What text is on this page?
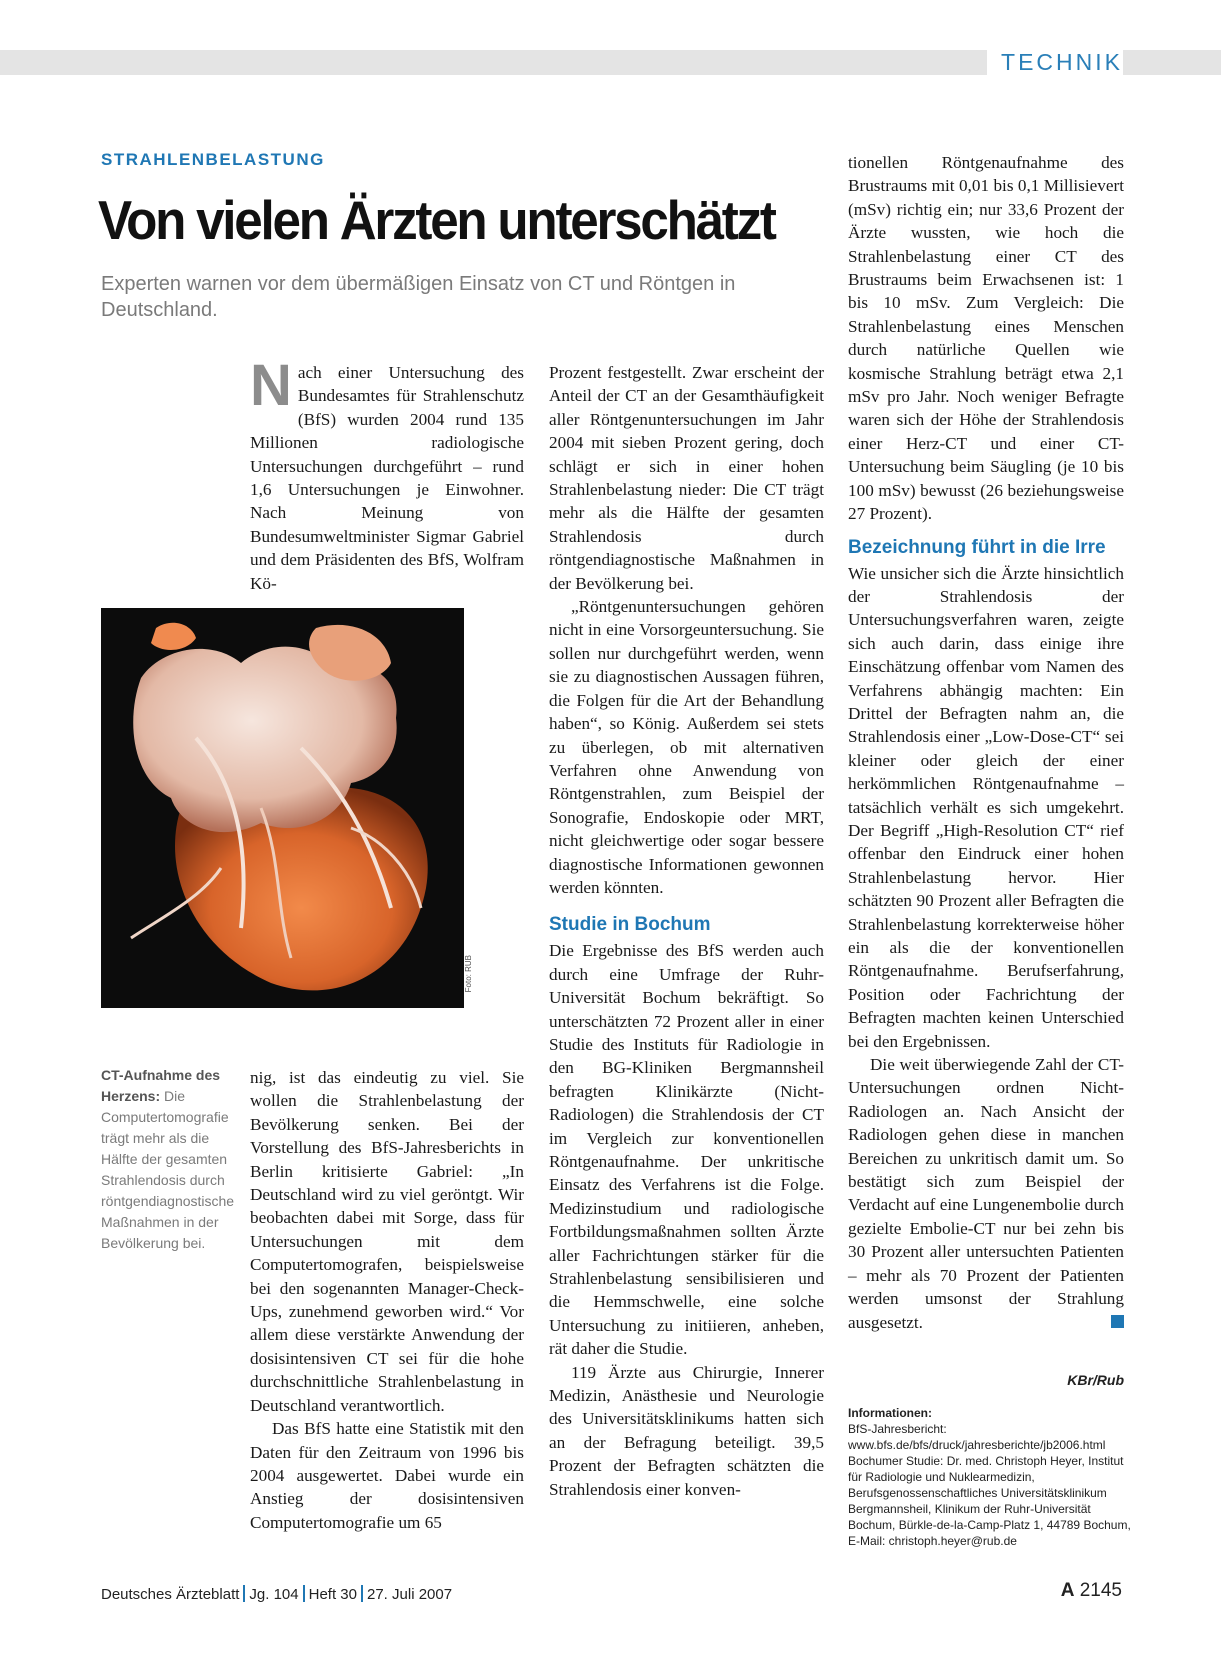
TECHNIK
STRAHLENBELASTUNG
Von vielen Ärzten unterschätzt
Experten warnen vor dem übermäßigen Einsatz von CT und Röntgen in Deutschland.

Nach einer Untersuchung des Bundesamtes für Strahlenschutz (BfS) wurden 2004 rund 135 Millionen radiologische Untersuchungen durchgeführt – rund 1,6 Untersuchungen je Einwohner. Nach Meinung von Bundesumweltminister Sigmar Gabriel und dem Präsidenten des BfS, Wolfram Kö-

Foto: RUB
CT-Aufnahme des Herzens: Die Computertomografie trägt mehr als die Hälfte der gesamten Strahlendosis durch röntgendiagnostische Maßnahmen in der Bevölkerung bei.

nig, ist das eindeutig zu viel. Sie wollen die Strahlenbelastung der Bevölkerung senken. Bei der Vorstellung des BfS-Jahresberichts in Berlin kritisierte Gabriel: „In Deutschland wird zu viel geröntgt. Wir beobachten dabei mit Sorge, dass für Untersuchungen mit dem Computertomografen, beispielsweise bei den sogenannten Manager-Check-Ups, zunehmend geworben wird.“ Vor allem diese verstärkte Anwendung der dosisintensiven CT sei für die hohe durchschnittliche Strahlenbelastung in Deutschland verantwortlich.

Das BfS hatte eine Statistik mit den Daten für den Zeitraum von 1996 bis 2004 ausgewertet. Dabei wurde ein Anstieg der dosisintensiven Computertomografie um 65

Prozent festgestellt. Zwar erscheint der Anteil der CT an der Gesamthäufigkeit aller Röntgenuntersuchungen im Jahr 2004 mit sieben Prozent gering, doch schlägt er sich in einer hohen Strahlenbelastung nieder: Die CT trägt mehr als die Hälfte der gesamten Strahlendosis durch röntgendiagnostische Maßnahmen in der Bevölkerung bei.

„Röntgenuntersuchungen gehören nicht in eine Vorsorgeuntersuchung. Sie sollen nur durchgeführt werden, wenn sie zu diagnostischen Aussagen führen, die Folgen für die Art der Behandlung haben“, so König. Außerdem sei stets zu überlegen, ob mit alternativen Verfahren ohne Anwendung von Röntgenstrahlen, zum Beispiel der Sonografie, Endoskopie oder MRT, nicht gleichwertige oder sogar bessere diagnostische Informationen gewonnen werden könnten.

Studie in Bochum

Die Ergebnisse des BfS werden auch durch eine Umfrage der Ruhr-Universität Bochum bekräftigt. So unterschätzten 72 Prozent aller in einer Studie des Instituts für Radiologie in den BG-Kliniken Bergmannsheil befragten Klinikärzte (Nicht-Radiologen) die Strahlendosis der CT im Vergleich zur konventionellen Röntgenaufnahme. Der unkritische Einsatz des Verfahrens ist die Folge. Medizinstudium und radiologische Fortbildungsmaßnahmen sollten Ärzte aller Fachrichtungen stärker für die Strahlenbelastung sensibilisieren und die Hemmschwelle, eine solche Untersuchung zu initiieren, anheben, rät daher die Studie.

119 Ärzte aus Chirurgie, Innerer Medizin, Anästhesie und Neurologie des Universitätsklinikums hatten sich an der Befragung beteiligt. 39,5 Prozent der Befragten schätzten die Strahlendosis einer konven-

tionellen Röntgenaufnahme des Brustraums mit 0,01 bis 0,1 Millisievert (mSv) richtig ein; nur 33,6 Prozent der Ärzte wussten, wie hoch die Strahlenbelastung einer CT des Brustraums beim Erwachsenen ist: 1 bis 10 mSv. Zum Vergleich: Die Strahlenbelastung eines Menschen durch natürliche Quellen wie kosmische Strahlung beträgt etwa 2,1 mSv pro Jahr. Noch weniger Befragte waren sich der Höhe der Strahlendosis einer Herz-CT und einer CT-Untersuchung beim Säugling (je 10 bis 100 mSv) bewusst (26 beziehungsweise 27 Prozent).

Bezeichnung führt in die Irre

Wie unsicher sich die Ärzte hinsichtlich der Strahlendosis der Untersuchungsverfahren waren, zeigte sich auch darin, dass einige ihre Einschätzung offenbar vom Namen des Verfahrens abhängig machten: Ein Drittel der Befragten nahm an, die Strahlendosis einer „Low-Dose-CT“ sei kleiner oder gleich der einer herkömmlichen Röntgenaufnahme – tatsächlich verhält es sich umgekehrt. Der Begriff „High-Resolution CT“ rief offenbar den Eindruck einer hohen Strahlenbelastung hervor. Hier schätzten 90 Prozent aller Befragten die Strahlenbelastung korrekterweise höher ein als die der konventionellen Röntgenaufnahme. Berufserfahrung, Position oder Fachrichtung der Befragten machten keinen Unterschied bei den Ergebnissen.

Die weit überwiegende Zahl der CT-Untersuchungen ordnen Nicht-Radiologen an. Nach Ansicht der Radiologen gehen diese in manchen Bereichen zu unkritisch damit um. So bestätigt sich zum Beispiel der Verdacht auf eine Lungenembolie durch gezielte Embolie-CT nur bei zehn bis 30 Prozent aller untersuchten Patienten – mehr als 70 Prozent der Patienten werden umsonst der Strahlung ausgesetzt.

KBr/Rub
Informationen:
BfS-Jahresbericht: www.bfs.de/bfs/druck/jahresberichte/jb2006.html
Bochumer Studie: Dr. med. Christoph Heyer, Institut für Radiologie und Nuklearmedizin, Berufsgenossenschaftliches Universitätsklinikum Bergmannsheil, Klinikum der Ruhr-Universität Bochum, Bürkle-de-la-Camp-Platz 1, 44789 Bochum, E-Mail: christoph.heyer@rub.de
Deutsches Ärzteblatt Jg. 104 Heft 30 27. Juli 2007	A 2145
